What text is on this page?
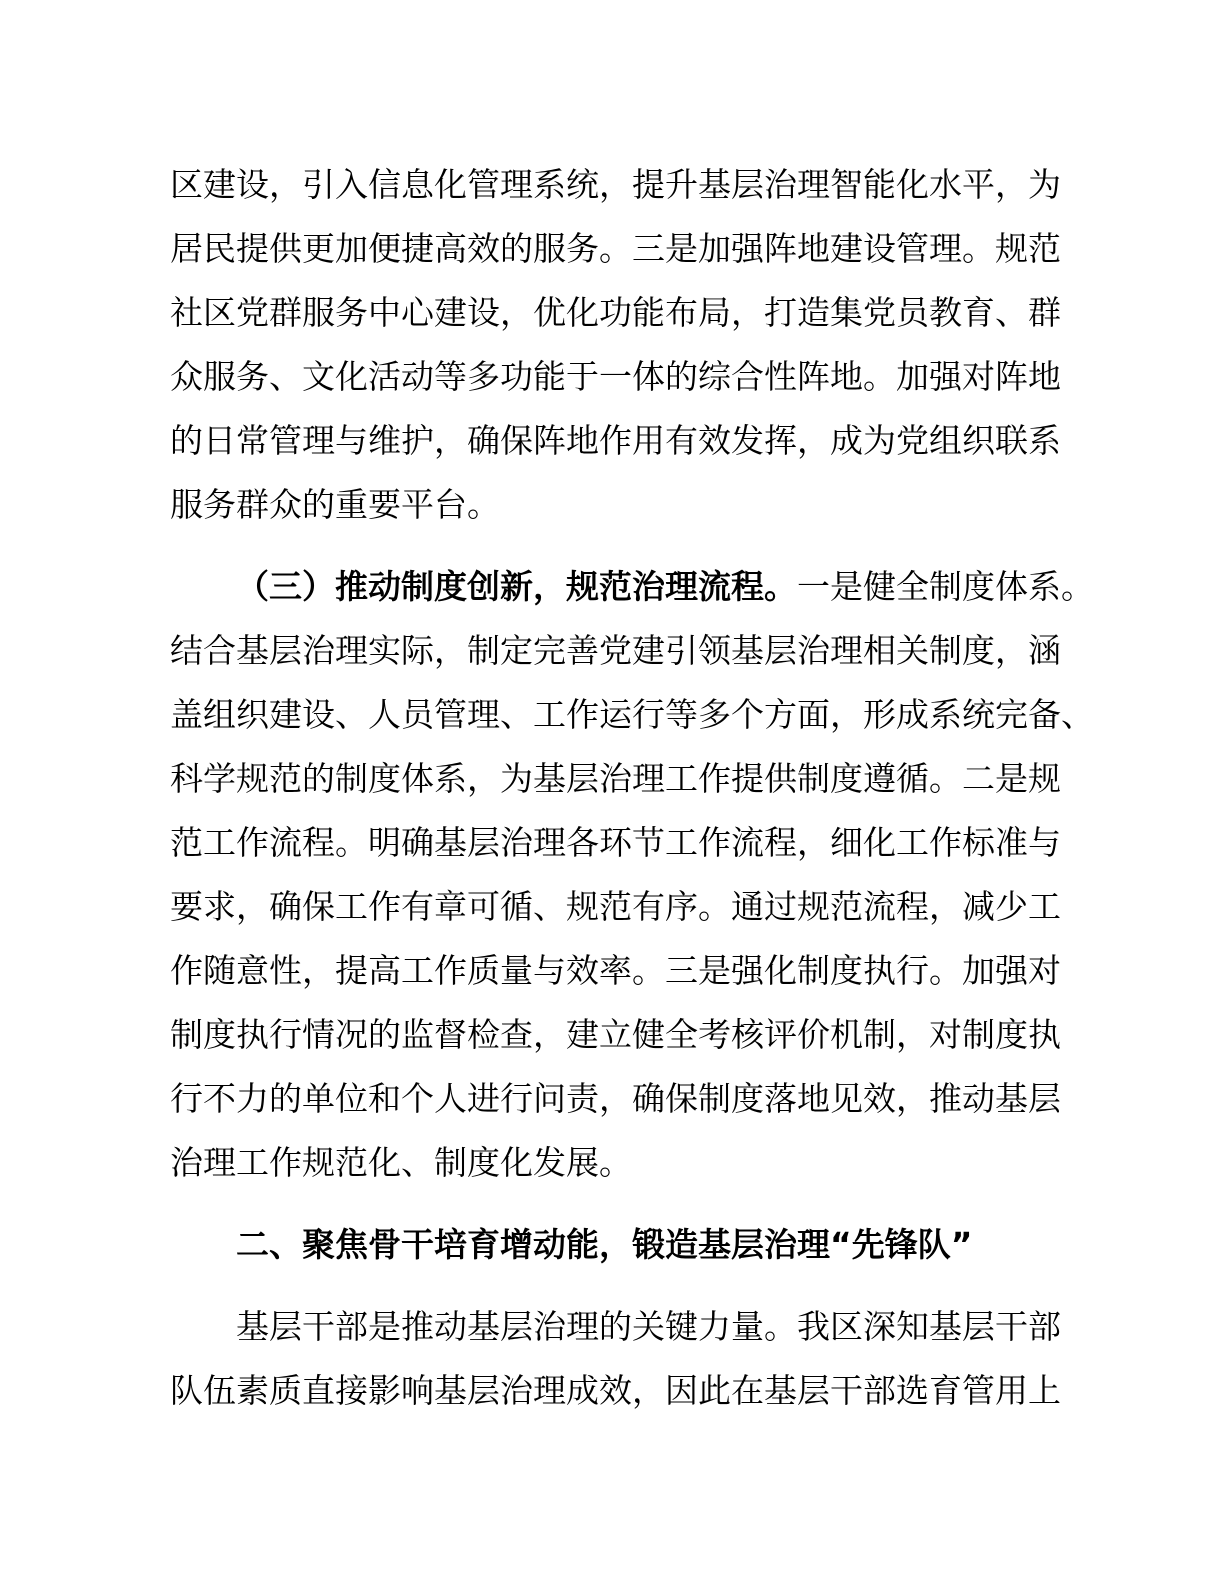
区建设，引入信息化管理系统，提升基层治理智能化水平，为
居民提供更加便捷高效的服务。三是加强阵地建设管理。规范
社区党群服务中心建设，优化功能布局，打造集党员教育、群
众服务、文化活动等多功能于一体的综合性阵地。加强对阵地
的日常管理与维护，确保阵地作用有效发挥，成为党组织联系
服务群众的重要平台。
（三）推动制度创新，规范治理流程。一是健全制度体系。
结合基层治理实际，制定完善党建引领基层治理相关制度，涵
盖组织建设、人员管理、工作运行等多个方面，形成系统完备、
科学规范的制度体系，为基层治理工作提供制度遵循。二是规
范工作流程。明确基层治理各环节工作流程，细化工作标准与
要求，确保工作有章可循、规范有序。通过规范流程，减少工
作随意性，提高工作质量与效率。三是强化制度执行。加强对
制度执行情况的监督检查，建立健全考核评价机制，对制度执
行不力的单位和个人进行问责，确保制度落地见效，推动基层
治理工作规范化、制度化发展。
二、聚焦骨干培育增动能，锻造基层治理“先锋队”
基层干部是推动基层治理的关键力量。我区深知基层干部
队伍素质直接影响基层治理成效，因此在基层干部选育管用上
